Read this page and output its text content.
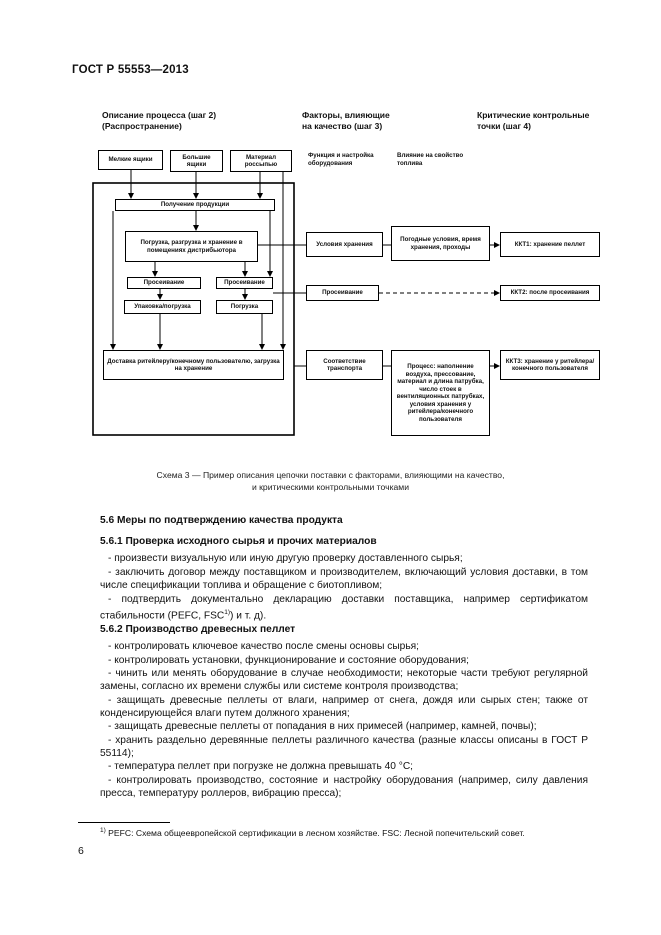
ГОСТ Р 55553—2013
Описание процесса (шаг 2)
(Распространение)
Факторы, влияющие
на качество (шаг 3)
Критические контрольные
точки (шаг 4)
Мелкие ящики	Большие ящики
Материал россыпью
Функция и настройка оборудования
Влияние на свойство топлива
Получение продукции
Погрузка, разгрузка и хранение в помещениях дистрибьютора
Просеивание	Просеивание
Упаковка/погрузка	Погрузка
Доставка ритейлеру/конечному пользователю, загрузка на хранение
Условия хранения
Просеивание
Соответствие транспорта
Погодные условия, время хранения, проходы
Процесс: наполнение воздуха, прессование, материал и длина патрубка, число стоек в вентиляционных патрубках, условия хранения у ритейлера/конечного пользователя
ККТ1: хранение пеллет
ККТ2: после просеивания
ККТ3: хранение у ритейлера/конечного пользователя
Схема 3 — Пример описания цепочки поставки с факторами, влияющими на качество,
и критическими контрольными точками
5.6 Меры по подтверждению качества продукта
5.6.1 Проверка исходного сырья и прочих материалов
- произвести визуальную или иную другую проверку доставленного сырья;
- заключить договор между поставщиком и производителем, включающий условия доставки, в том числе спецификации топлива и обращение с биотопливом;
- подтвердить документально декларацию доставки поставщика, например сертификатом стабильности (PEFC, FSC$^{1)}$) и т. д).
5.6.2 Производство древесных пеллет
- контролировать ключевое качество после смены основы сырья;
- контролировать установки, функционирование и состояние оборудования;
- чинить или менять оборудование в случае необходимости; некоторые части требуют регулярной замены, согласно их времени службы или системе контроля производства;
- защищать древесные пеллеты от влаги, например от снега, дождя или сырых стен; также от конденсирующейся влаги путем должного хранения;
- защищать древесные пеллеты от попадания в них примесей (например, камней, почвы);
- хранить раздельно деревянные пеллеты различного качества (разные классы описаны в ГОСТ Р 55114);
- температура пеллет при погрузке не должна превышать 40 °С;
- контролировать производство, состояние и настройку оборудования (например, силу давления пресса, температуру роллеров, вибрацию пресса);
$^{1)}$ PEFC: Схема общеевропейской сертификации в лесном хозяйстве. FSC: Лесной попечительский совет.
6
